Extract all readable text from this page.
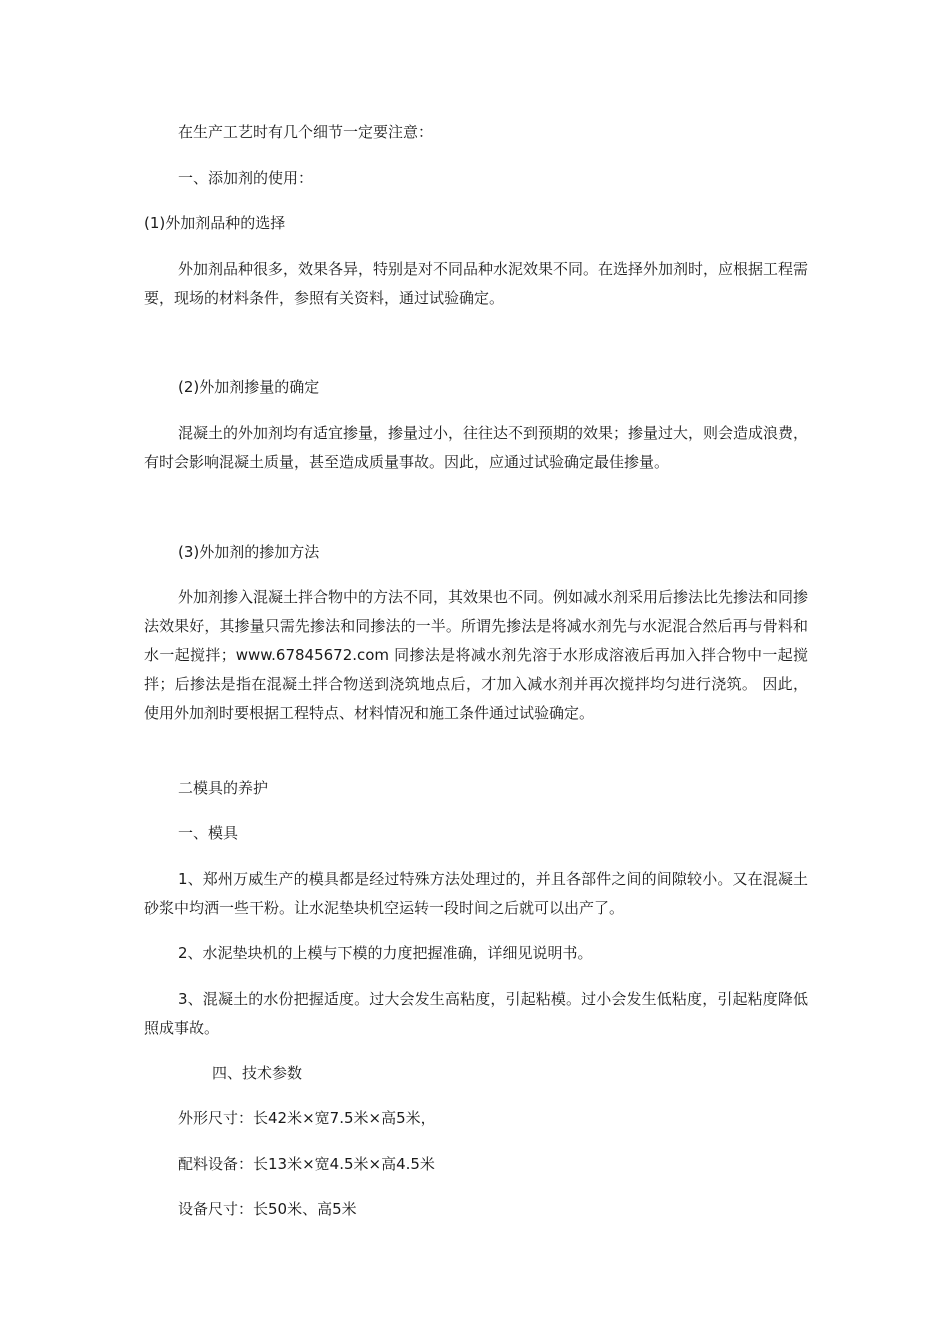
在生产工艺时有几个细节一定要注意：

一、添加剂的使用：

(1)外加剂品种的选择

外加剂品种很多，效果各异，特别是对不同品种水泥效果不同。在选择外加剂时，应根据工程需要，现场的材料条件，参照有关资料，通过试验确定。

(2)外加剂掺量的确定

混凝土的外加剂均有适宜掺量，掺量过小，往往达不到预期的效果；掺量过大，则会造成浪费，有时会影响混凝土质量，甚至造成质量事故。因此，应通过试验确定最佳掺量。

(3)外加剂的掺加方法

外加剂掺入混凝土拌合物中的方法不同，其效果也不同。例如减水剂采用后掺法比先掺法和同掺法效果好，其掺量只需先掺法和同掺法的一半。所谓先掺法是将减水剂先与水泥混合然后再与骨料和水一起搅拌；www.67845672.com 同掺法是将减水剂先溶于水形成溶液后再加入拌合物中一起搅拌；后掺法是指在混凝土拌合物送到浇筑地点后，才加入减水剂并再次搅拌均匀进行浇筑。 因此，使用外加剂时要根据工程特点、材料情况和施工条件通过试验确定。

二模具的养护

一、模具

1、郑州万威生产的模具都是经过特殊方法处理过的，并且各部件之间的间隙较小。又在混凝土砂浆中均洒一些干粉。让水泥垫块机空运转一段时间之后就可以出产了。

2、水泥垫块机的上模与下模的力度把握准确，详细见说明书。

3、混凝土的水份把握适度。过大会发生高粘度，引起粘模。过小会发生低粘度，引起粘度降低照成事故。

四、技术参数

外形尺寸：长42米×宽7.5米×高5米，

配料设备：长13米×宽4.5米×高4.5米

设备尺寸：长50米、高5米
